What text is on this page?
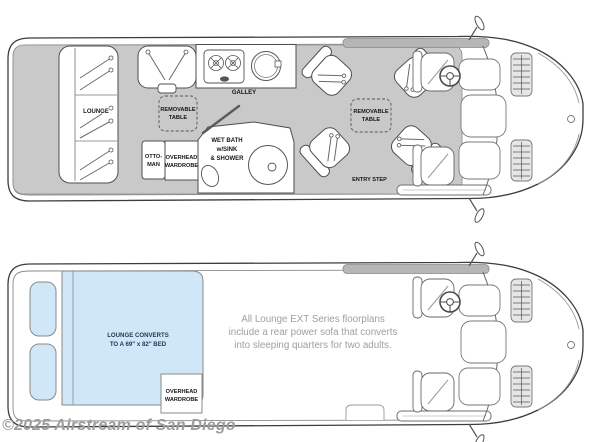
LOUNGE
GALLEY
REMOVABLE
TABLE
OTTO-
MAN
OVERHEAD
WARDROBE
WET BATH
w/SINK
& SHOWER
REMOVABLE
TABLE
ENTRY STEP
LOUNGE CONVERTS
TO A 69" x 82" BED
OVERHEAD
WARDROBE
All Lounge EXT Series floorplans
include a rear power sofa that converts
into sleeping quarters for two adults.
©2025 Airstream of San Diego
